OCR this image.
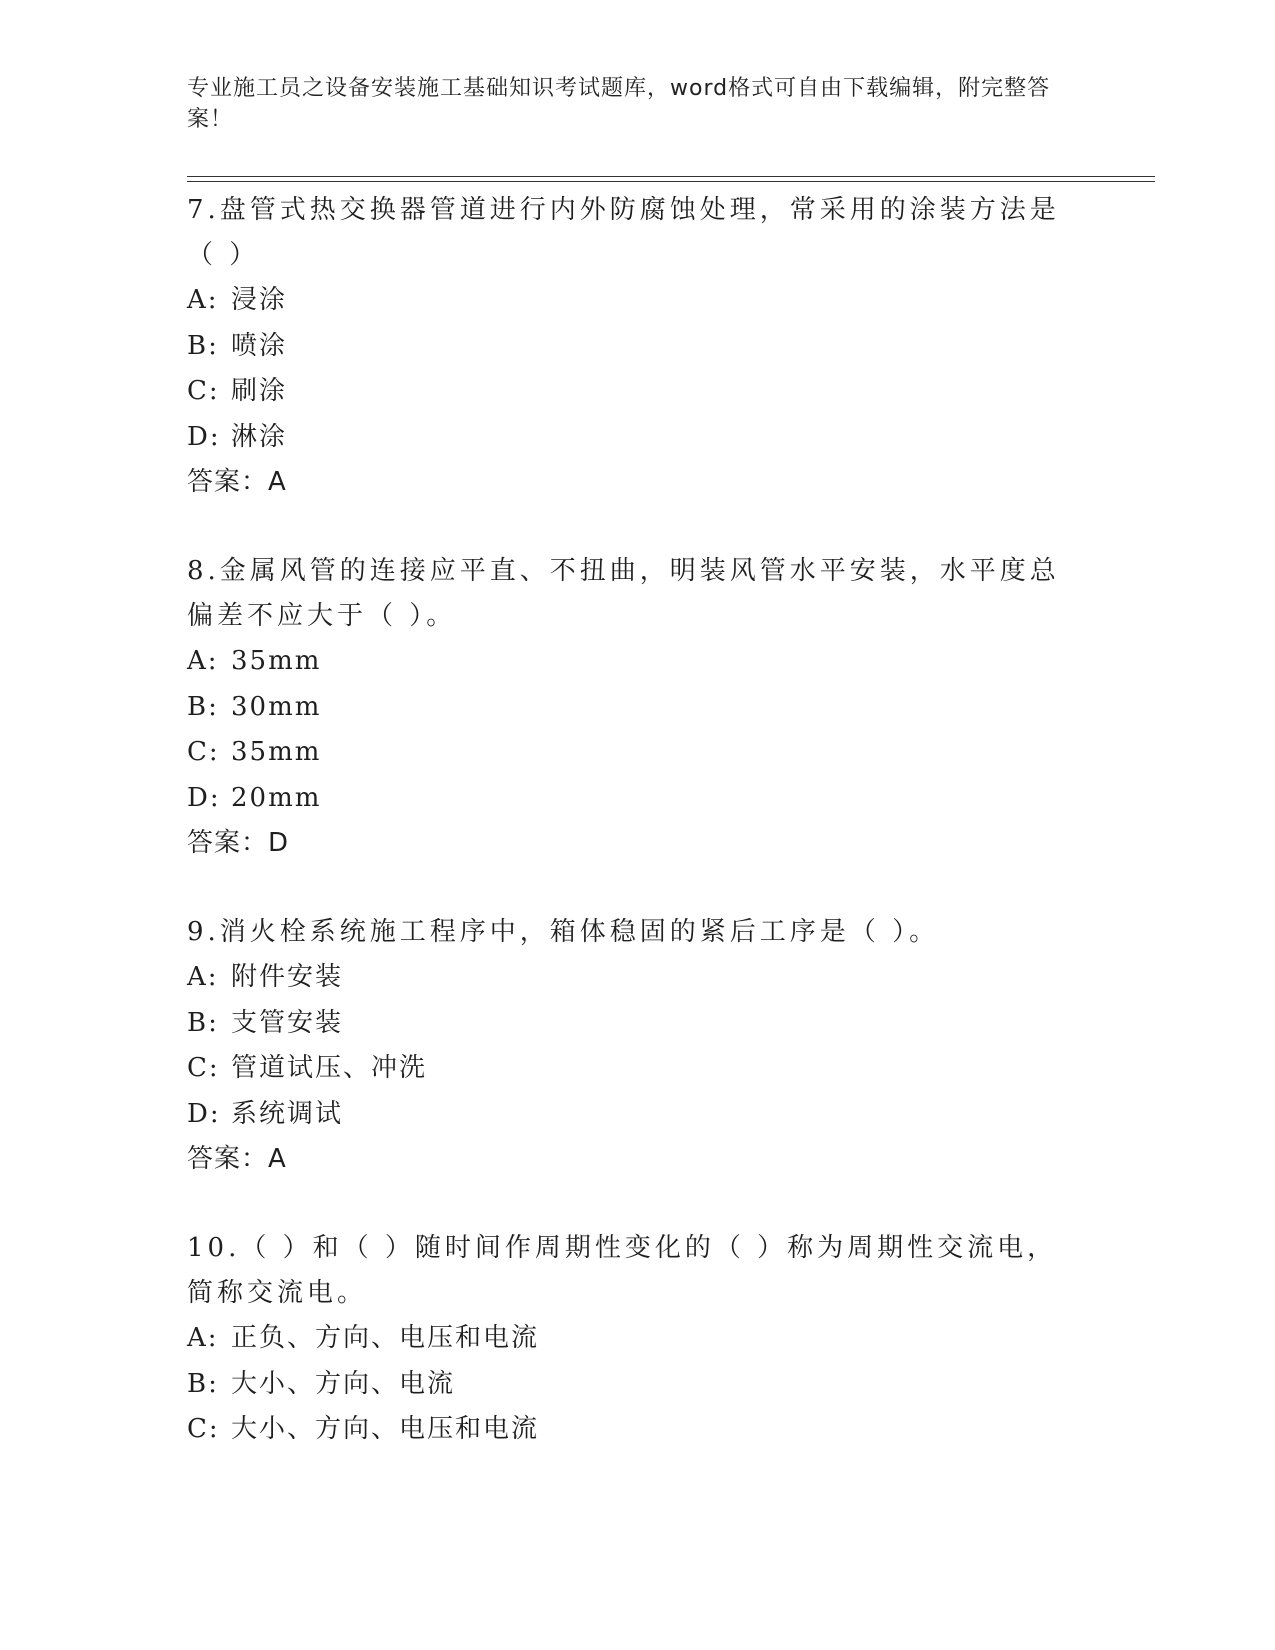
专业施工员之设备安装施工基础知识考试题库，word格式可自由下载编辑，附完整答案！

7.盘管式热交换器管道进行内外防腐蚀处理，常采用的涂装方法是（ ）

A: 浸涂

B: 喷涂

C: 刷涂

D: 淋涂

答案：A

8.金属风管的连接应平直、不扭曲，明装风管水平安装，水平度总偏差不应大于（ ）。

A: 35mm

B: 30mm

C: 35mm

D: 20mm

答案：D

9.消火栓系统施工程序中，箱体稳固的紧后工序是（ ）。

A: 附件安装

B: 支管安装

C: 管道试压、冲洗

D: 系统调试

答案：A

10.（ ）和（ ）随时间作周期性变化的（ ）称为周期性交流电，简称交流电。

A: 正负、方向、电压和电流

B: 大小、方向、电流

C: 大小、方向、电压和电流
